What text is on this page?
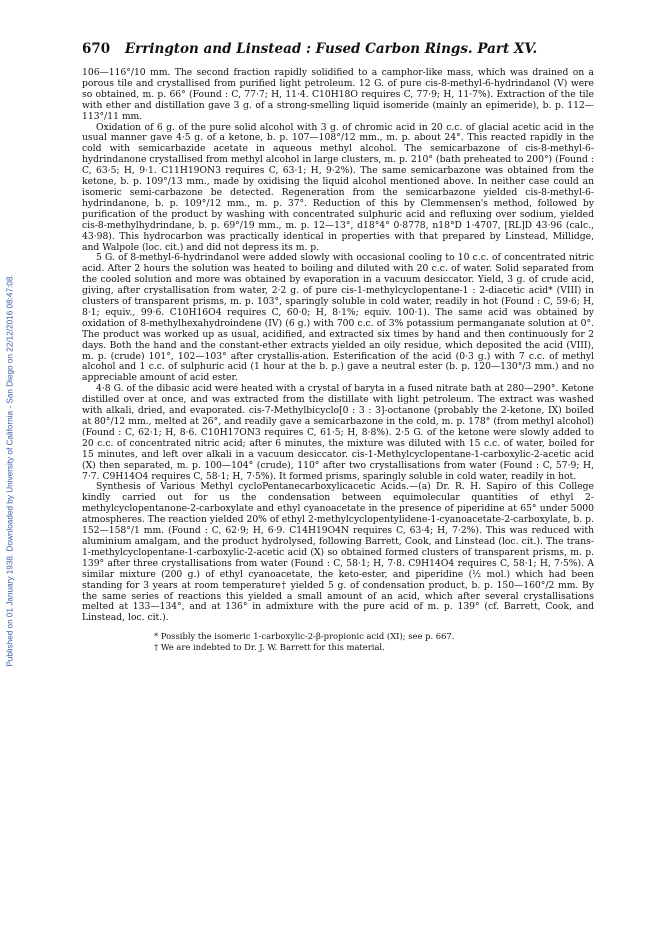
Published on 01 January 1938. Downloaded by University of California - San Diego on 22/12/2016 08:47:08.
670 Errington and Linstead : Fused Carbon Rings. Part XV.

106—116°/10 mm. The second fraction rapidly solidified to a camphor-like mass, which was drained on a porous tile and crystallised from purified light petroleum. 12 G. of pure cis-8-methyl-6-hydrindanol (V) were so obtained, m. p. 66° (Found : C, 77·7; H, 11·4. C10H18O requires C, 77·9; H, 11·7%). Extraction of the tile with ether and distillation gave 3 g. of a strong-smelling liquid isomeride (mainly an epimeride), b. p. 112—113°/11 mm.

Oxidation of 6 g. of the pure solid alcohol with 3 g. of chromic acid in 20 c.c. of glacial acetic acid in the usual manner gave 4·5 g. of a ketone, b. p. 107—108°/12 mm., m. p. about 24°. This reacted rapidly in the cold with semicarbazide acetate in aqueous methyl alcohol. The semicarbazone of cis-8-methyl-6-hydrindanone crystallised from methyl alcohol in large clusters, m. p. 210° (bath preheated to 200°) (Found : C, 63·5; H, 9·1. C11H19ON3 requires C, 63·1; H, 9·2%). The same semicarbazone was obtained from the ketone, b. p. 109°/13 mm., made by oxidising the liquid alcohol mentioned above. In neither case could an isomeric semi-carbazone be detected. Regeneration from the semicarbazone yielded cis-8-methyl-6-hydrindanone, b. p. 109°/12 mm., m. p. 37°. Reduction of this by Clemmensen's method, followed by purification of the product by washing with concentrated sulphuric acid and refluxing over sodium, yielded cis-8-methylhydrindane, b. p. 69°/19 mm., m. p. 12—13°, d18°4° 0·8778, n18°D 1·4707, [RL]D 43·96 (calc., 43·98). This hydrocarbon was practically identical in properties with that prepared by Linstead, Millidge, and Walpole (loc. cit.) and did not depress its m. p.

5 G. of 8-methyl-6-hydrindanol were added slowly with occasional cooling to 10 c.c. of concentrated nitric acid. After 2 hours the solution was heated to boiling and diluted with 20 c.c. of water. Solid separated from the cooled solution and more was obtained by evaporation in a vacuum desiccator. Yield, 3 g. of crude acid, giving, after crystallisation from water, 2·2 g. of pure cis-1-methylcyclopentane-1 : 2-diacetic acid* (VIII) in clusters of transparent prisms, m. p. 103°, sparingly soluble in cold water, readily in hot (Found : C, 59·6; H, 8·1; equiv., 99·6. C10H16O4 requires C, 60·0; H, 8·1%; equiv. 100·1). The same acid was obtained by oxidation of 8-methylhexahydroindene (IV) (6 g.) with 700 c.c. of 3% potassium permanganate solution at 0°. The product was worked up as usual, acidified, and extracted six times by hand and then continuously for 2 days. Both the hand and the constant-ether extracts yielded an oily residue, which deposited the acid (VIII), m. p. (crude) 101°, 102—103° after crystallis-ation. Esterification of the acid (0·3 g.) with 7 c.c. of methyl alcohol and 1 c.c. of sulphuric acid (1 hour at the b. p.) gave a neutral ester (b. p. 120—130°/3 mm.) and no appreciable amount of acid ester.

4·8 G. of the dibasic acid were heated with a crystal of baryta in a fused nitrate bath at 280—290°. Ketone distilled over at once, and was extracted from the distillate with light petroleum. The extract was washed with alkali, dried, and evaporated. cis-7-Methylbicyclo[0 : 3 : 3]-octanone (probably the 2-ketone, IX) boiled at 80°/12 mm., melted at 26°, and readily gave a semicarbazone in the cold, m. p. 178° (from methyl alcohol) (Found : C, 62·1; H, 8·6. C10H17ON3 requires C, 61·5; H, 8·8%). 2·5 G. of the ketone were slowly added to 20 c.c. of concentrated nitric acid; after 6 minutes, the mixture was diluted with 15 c.c. of water, boiled for 15 minutes, and left over alkali in a vacuum desiccator. cis-1-Methylcyclopentane-1-carboxylic-2-acetic acid (X) then separated, m. p. 100—104° (crude), 110° after two crystallisations from water (Found : C, 57·9; H, 7·7. C9H14O4 requires C, 58·1; H, 7·5%). It formed prisms, sparingly soluble in cold water, readily in hot.

Synthesis of Various Methyl cycloPentanecarboxylicacetic Acids.—(a) Dr. R. H. Sapiro of this College kindly carried out for us the condensation between equimolecular quantities of ethyl 2-methylcyclopentanone-2-carboxylate and ethyl cyanoacetate in the presence of piperidine at 65° under 5000 atmospheres. The reaction yielded 20% of ethyl 2-methylcyclopentylidene-1-cyanoacetate-2-carboxylate, b. p. 152—158°/1 mm. (Found : C, 62·9; H, 6·9. C14H19O4N requires C, 63·4; H, 7·2%). This was reduced with aluminium amalgam, and the product hydrolysed, following Barrett, Cook, and Linstead (loc. cit.). The trans-1-methylcyclopentane-1-carboxylic-2-acetic acid (X) so obtained formed clusters of transparent prisms, m. p. 139° after three crystallisations from water (Found : C, 58·1; H, 7·8. C9H14O4 requires C, 58·1; H, 7·5%). A similar mixture (200 g.) of ethyl cyanoacetate, the keto-ester, and piperidine (½ mol.) which had been standing for 3 years at room temperature† yielded 5 g. of condensation product, b. p. 150—160°/2 mm. By the same series of reactions this yielded a small amount of an acid, which after several crystallisations melted at 133—134°, and at 136° in admixture with the pure acid of m. p. 139° (cf. Barrett, Cook, and Linstead, loc. cit.).

* Possibly the isomeric 1-carboxylic-2-β-propionic acid (XI); see p. 667.
† We are indebted to Dr. J. W. Barrett for this material.
